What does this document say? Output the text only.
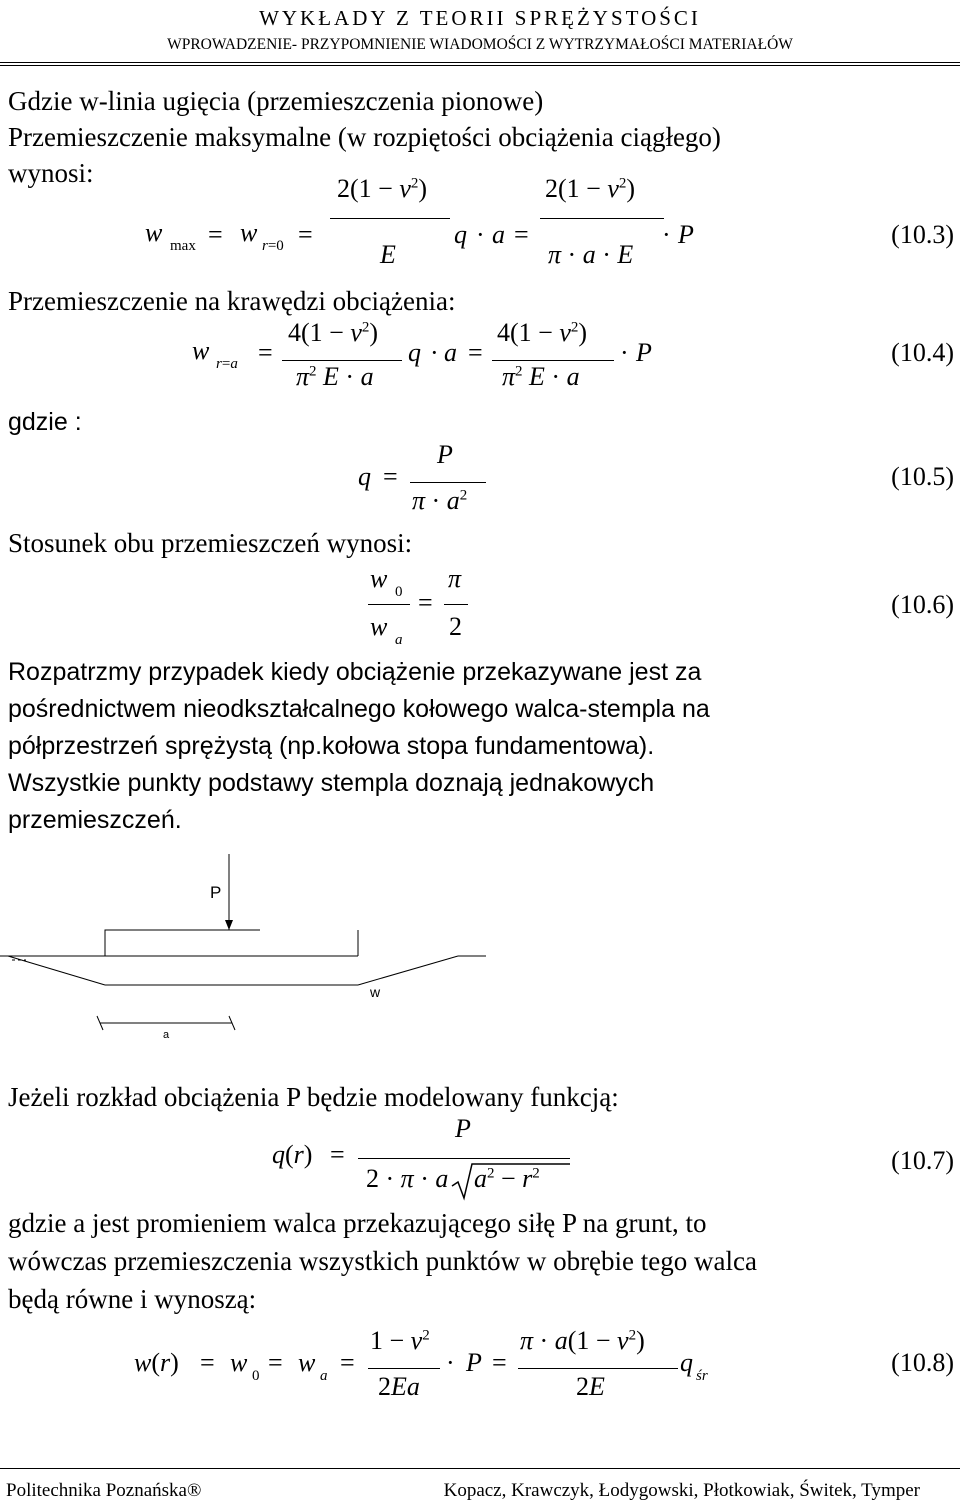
WYKŁADY Z TEORII SPRĘŻYSTOŚCI
WPROWADZENIE- PRZYPOMNIENIE WIADOMOŚCI Z WYTRZYMAŁOŚCI MATERIAŁÓW
Gdzie w-linia ugięcia (przemieszczenia pionowe)
Przemieszczenie maksymalne (w rozpiętości obciążenia ciągłego)
wynosi:
w max = w r=0 =
$2(1 - \nu^2)$
E
q · a =
$2(1 - \nu^2)$
π · a · E
· P	(10.3)
Przemieszczenie na krawędzi obciążenia:
w r=a =
$4(1 - \nu^2)$
$\pi^2$ E · a
q · a =
$4(1 - \nu^2)$
$\pi^2$ E · a
· P	(10.4)
gdzie :
q =
P
$\pi \cdot a^2$
(10.5)
Stosunek obu przemieszczeń wynosi:
w 0
w a
=
π
2
(10.6)
Rozpatrzmy przypadek kiedy obciążenie przekazywane jest za
pośrednictwem nieodkształcalnego kołowego walca-stempla na
półprzestrzeń sprężystą (np.kołowa stopa fundamentowa).
Wszystkie punkty podstawy stempla doznają jednakowych
przemieszczeń.
P
a
w
Jeżeli rozkład obciążenia P będzie modelowany funkcją:
q(r) =
P
2 · π · a $a^2 - r^2$	(10.7)
gdzie a jest promieniem walca przekazującego siłę P na grunt, to
wówczas przemieszczenia wszystkich punktów w obrębie tego walca
będą równe i wynoszą:
w(r) = w 0 = w a =
$1 - \nu^2$
2Ea
· P =
$\pi \cdot a(1 - \nu^2)$
2E
q śr	(10.8)
Politechnika Poznańska®	Kopacz, Krawczyk, Łodygowski, Płotkowiak, Świtek, Tymper
